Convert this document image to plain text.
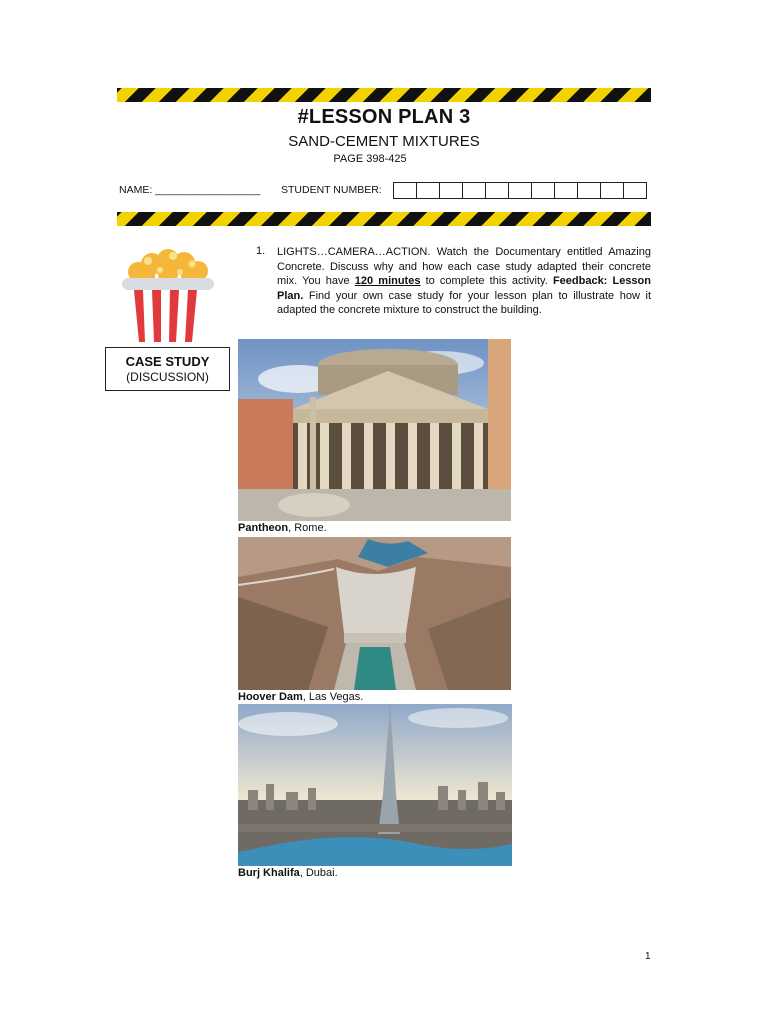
#LESSON PLAN 3
SAND-CEMENT MIXTURES
PAGE 398-425
NAME: __________________ STUDENT NUMBER:
CASE STUDY
(DISCUSSION)
1. LIGHTS…CAMERA…ACTION. Watch the Documentary entitled Amazing Concrete. Discuss why and how each case study adapted their concrete mix. You have 120 minutes to complete this activity. Feedback: Lesson Plan. Find your own case study for your lesson plan to illustrate how it adapted the concrete mixture to construct the building.
Pantheon, Rome.
Hoover Dam, Las Vegas.
Burj Khalifa, Dubai.
1
